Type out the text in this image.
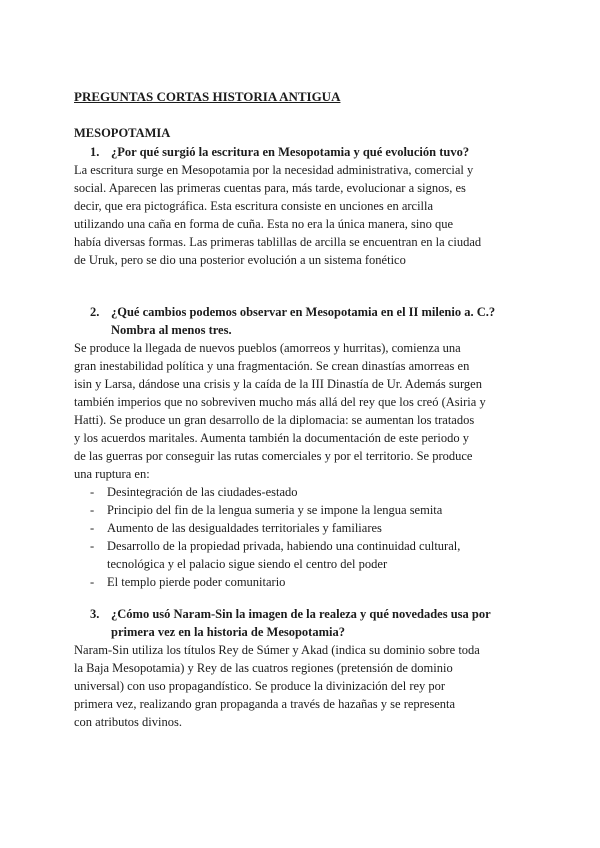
PREGUNTAS CORTAS HISTORIA ANTIGUA
MESOPOTAMIA
1. ¿Por qué surgió la escritura en Mesopotamia y qué evolución tuvo?
La escritura surge en Mesopotamia por la necesidad administrativa, comercial y
social. Aparecen las primeras cuentas para, más tarde, evolucionar a signos, es
decir, que era pictográfica. Esta escritura consiste en unciones en arcilla
utilizando una caña en forma de cuña. Esta no era la única manera, sino que
había diversas formas. Las primeras tablillas de arcilla se encuentran en la ciudad
de Uruk, pero se dio una posterior evolución a un sistema fonético
2. ¿Qué cambios podemos observar en Mesopotamia en el II milenio a. C.? Nombra al menos tres.
Se produce la llegada de nuevos pueblos (amorreos y hurritas), comienza una
gran inestabilidad política y una fragmentación. Se crean dinastías amorreas en
isin y Larsa, dándose una crisis y la caída de la III Dinastía de Ur. Además surgen
también imperios que no sobreviven mucho más allá del rey que los creó (Asiria y
Hatti). Se produce un gran desarrollo de la diplomacia: se aumentan los tratados
y los acuerdos maritales. Aumenta también la documentación de este periodo y
de las guerras por conseguir las rutas comerciales y por el territorio. Se produce
una ruptura en:
- Desintegración de las ciudades-estado
- Principio del fin de la lengua sumeria y se impone la lengua semita
- Aumento de las desigualdades territoriales y familiares
- Desarrollo de la propiedad privada, habiendo una continuidad cultural,
tecnológica y el palacio sigue siendo el centro del poder
- El templo pierde poder comunitario
3. ¿Cómo usó Naram-Sin la imagen de la realeza y qué novedades usa por primera vez en la historia de Mesopotamia?
Naram-Sin utiliza los títulos Rey de Súmer y Akad (indica su dominio sobre toda
la Baja Mesopotamia) y Rey de las cuatros regiones (pretensión de dominio
universal) con uso propagandístico. Se produce la divinización del rey por
primera vez, realizando gran propaganda a través de hazañas y se representa
con atributos divinos.
